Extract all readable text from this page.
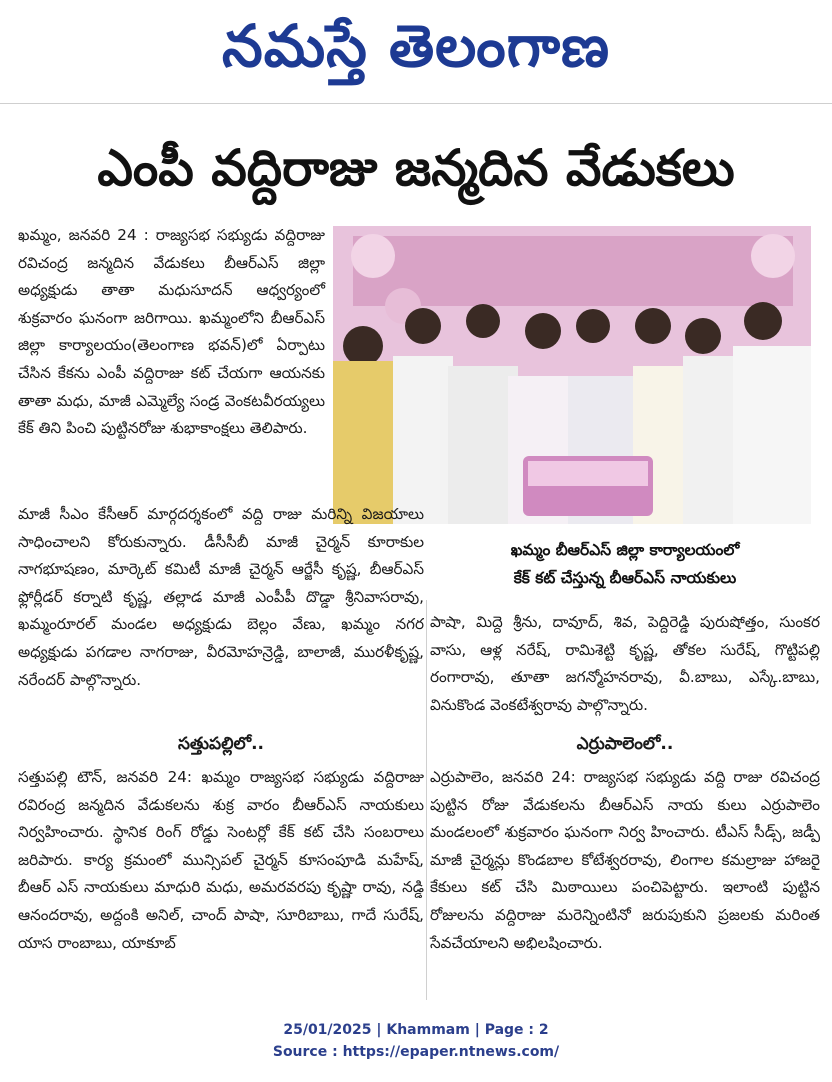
నమస్తే తెలంగాణ
ఎంపీ వద్దిరాజు జన్మదిన వేడుకలు

ఖమ్మం, జనవరి 24 : రాజ్యసభ సభ్యుడు వద్దిరాజు రవిచంద్ర జన్మదిన వేడుకలు బీఆర్ఎస్ జిల్లా అధ్యక్షుడు తాతా మధుసూదన్ ఆధ్వర్యంలో శుక్రవారం ఘనంగా జరిగాయి. ఖమ్మంలోని బీఆర్ఎస్ జిల్లా కార్యాలయం(తెలంగాణ భవన్)లో ఏర్పాటు చేసిన కేకను ఎంపీ వద్దిరాజు కట్ చేయగా ఆయనకు తాతా మధు, మాజీ ఎమ్మెల్యే సండ్ర వెంకటవీరయ్యలు కేక్ తిని పించి పుట్టినరోజు శుభాకాంక్షలు తెలిపారు.

ఖమ్మం బీఆర్ఎస్ జిల్లా కార్యాలయంలో

కేక్ కట్ చేస్తున్న బీఆర్ఎస్ నాయకులు

మాజీ సీఎం కేసీఆర్ మార్గదర్శకంలో వద్ది రాజు మరిన్ని విజయాలు సాధించాలని కోరుకున్నారు. డీసీసీబీ మాజీ చైర్మన్ కూరాకుల నాగభూషణం, మార్కెట్ కమిటీ మాజీ చైర్మన్ ఆర్జేసీ కృష్ణ, బీఆర్ఎస్ ఫ్లోర్లీడర్ కర్నాటి కృష్ణ, తల్లాడ మాజీ ఎంపీపీ దొడ్డా శ్రీనివాసరావు, ఖమ్మంరూరల్ మండల అధ్యక్షుడు బెల్లం వేణు, ఖమ్మం నగర అధ్యక్షుడు పగడాల నాగరాజు, వీరమోహన్రెడ్డి, బాలాజీ, మురళీకృష్ణ, నరేందర్ పాల్గొన్నారు.

పాషా, మిద్దె శ్రీను, దావూద్, శివ, పెద్దిరెడ్డి పురుషోత్తం, సుంకర వాసు, ఆళ్ల నరేష్, రామిశెట్టి కృష్ణ, తోకల సురేష్, గొట్టిపల్లి రంగారావు, తూతా జగన్మోహనరావు, వీ.బాబు, ఎస్కే.బాబు, వినుకొండ వెంకటేశ్వరావు పాల్గొన్నారు.

సత్తుపల్లిలో..	ఎర్రుపాలెంలో..

సత్తుపల్లి టౌన్, జనవరి 24: ఖమ్మం రాజ్యసభ సభ్యుడు వద్దిరాజు రవిరంద్ర జన్మదిన వేడుకలను శుక్ర వారం బీఆర్ఎస్ నాయకులు నిర్వహించారు. స్థానిక రింగ్ రోడ్డు సెంటర్లో కేక్ కట్ చేసి సంబరాలు జరిపారు. కార్య క్రమంలో మున్సిపల్ చైర్మన్ కూసంపూడి మహేష్, బీఆర్ ఎస్ నాయకులు మాధురి మధు, అమరవరపు కృష్ణా రావు, నడ్డి ఆనందరావు, అద్దంకి అనిల్, చాంద్ పాషా, సూరిబాబు, గాదే సురేష్, యాస రాంబాబు, యాకూబ్

ఎర్రుపాలెం, జనవరి 24: రాజ్యసభ సభ్యుడు వద్ది రాజు రవిచంద్ర పుట్టిన రోజు వేడుకలను బీఆర్ఎస్ నాయ కులు ఎర్రుపాలెం మండలంలో శుక్రవారం ఘనంగా నిర్వ హించారు. టీఎస్ సీడ్స్, జడ్పీ మాజీ చైర్మన్లు కొండబాల కోటేశ్వరరావు, లింగాల కమల్రాజు హాజరై కేకులు కట్ చేసి మిఠాయిలు పంచిపెట్టారు. ఇలాంటి పుట్టిన రోజులను వద్దిరాజు మరెన్నింటినో జరుపుకుని ప్రజలకు మరింత సేవచేయాలని అభిలషించారు.

25/01/2025 | Khammam | Page : 2
Source : https://epaper.ntnews.com/
